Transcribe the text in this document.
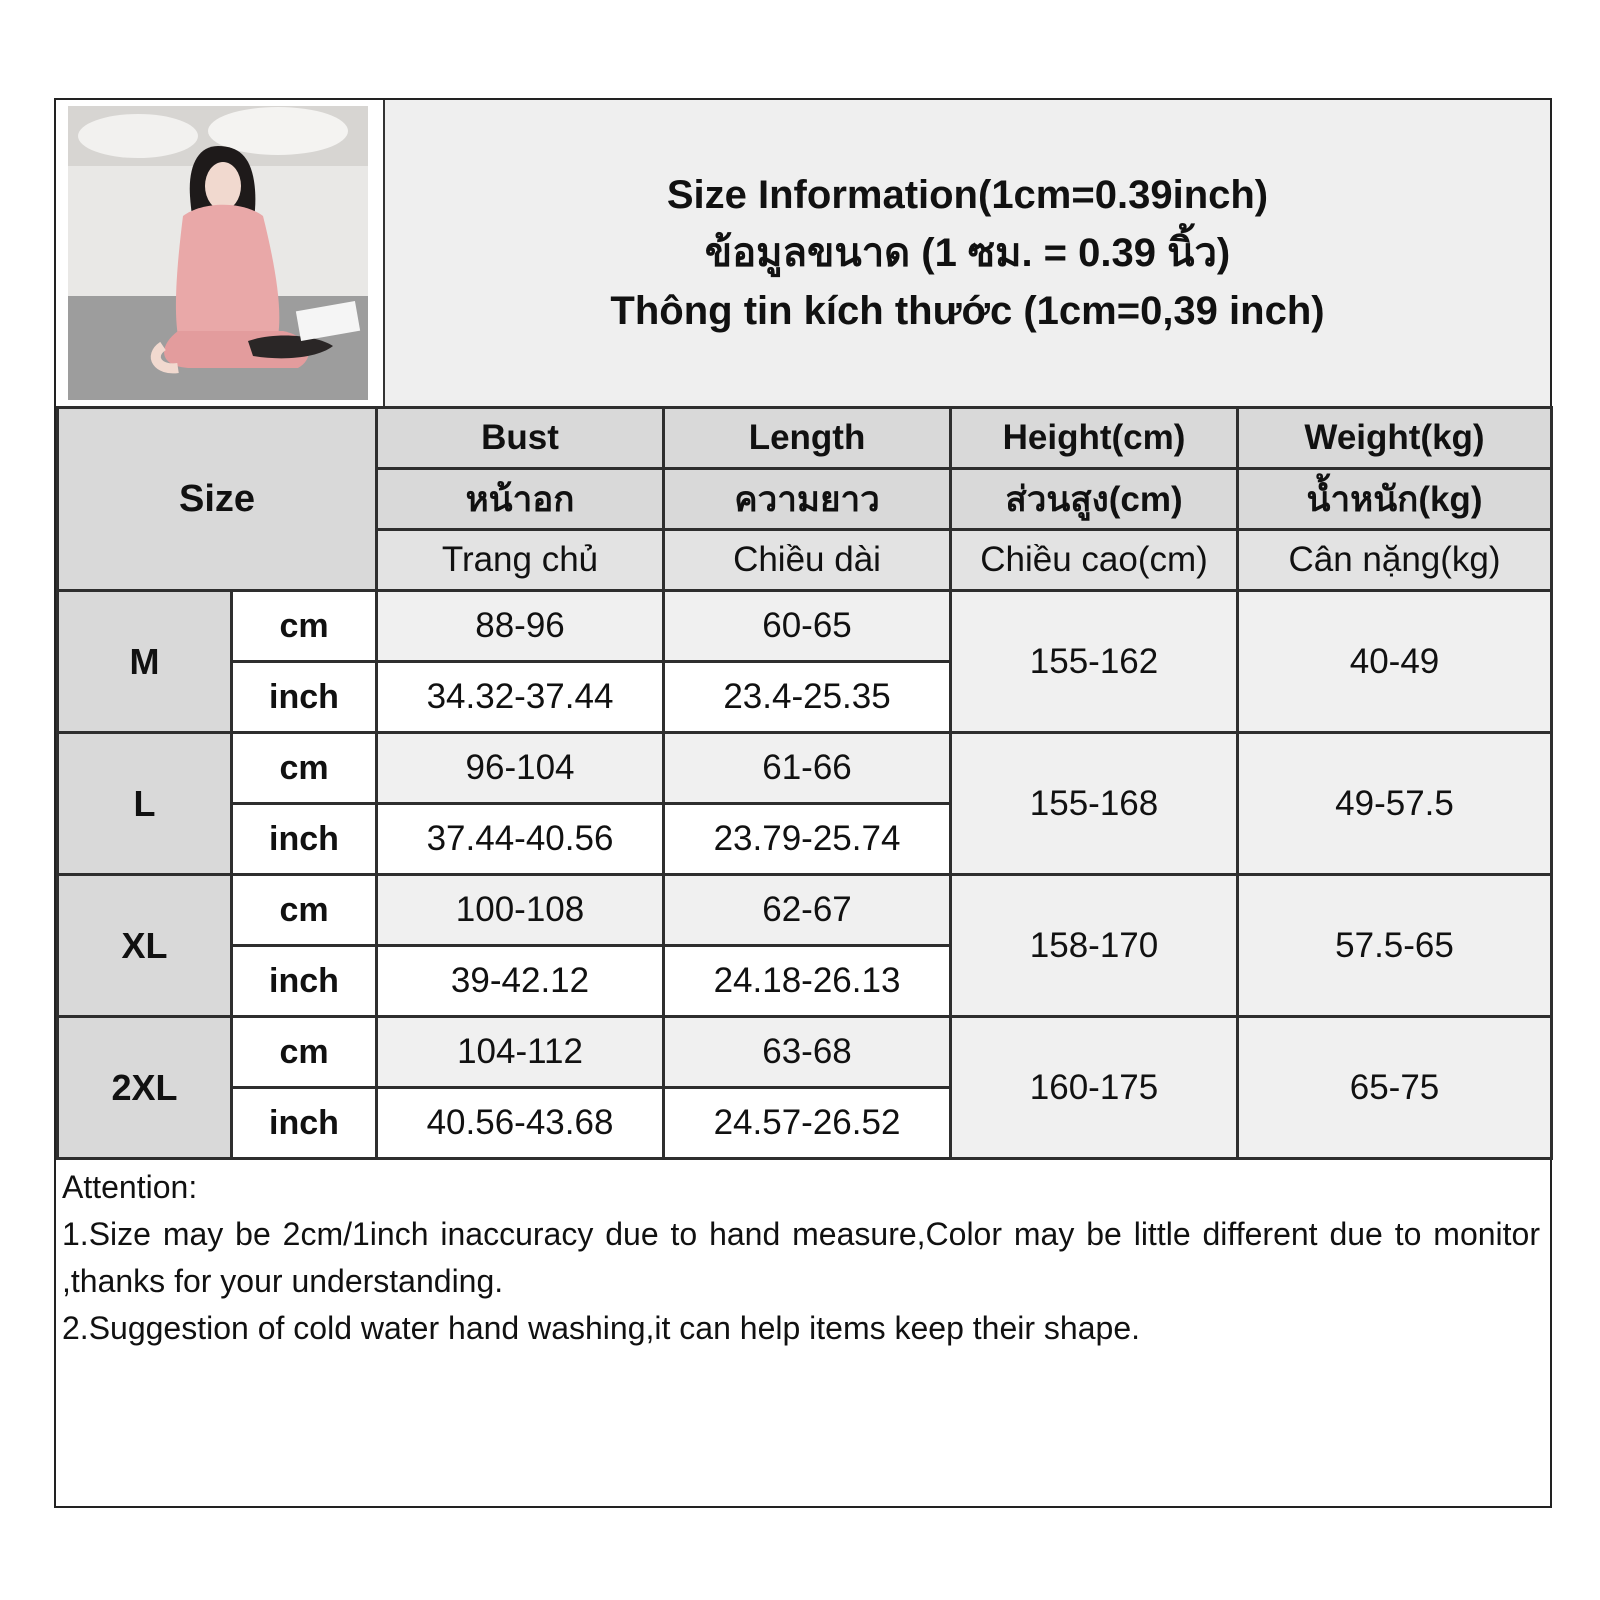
Size Information(1cm=0.39inch)
ข้อมูลขนาด (1 ซม. = 0.39 นิ้ว)
Thông tin kích thước (1cm=0,39 inch)
Size		Bust	Length	Height(cm)	Weight(kg)
		หน้าอก	ความยาว	ส่วนสูง(cm)	น้ำหนัก(kg)
		Trang chủ	Chiều dài	Chiều cao(cm)	Cân nặng(kg)
M	cm	88-96	60-65	155-162	40-49
	inch	34.32-37.44	23.4-25.35		
L	cm	96-104	61-66	155-168	49-57.5
	inch	37.44-40.56	23.79-25.74		
XL	cm	100-108	62-67	158-170	57.5-65
	inch	39-42.12	24.18-26.13		
2XL	cm	104-112	63-68	160-175	65-75
	inch	40.56-43.68	24.57-26.52		

Attention:

1.Size may be 2cm/1inch inaccuracy due to hand measure,Color may be little different due to monitor ,thanks for your understanding.

2.Suggestion of cold water hand washing,it can help items keep their shape.
